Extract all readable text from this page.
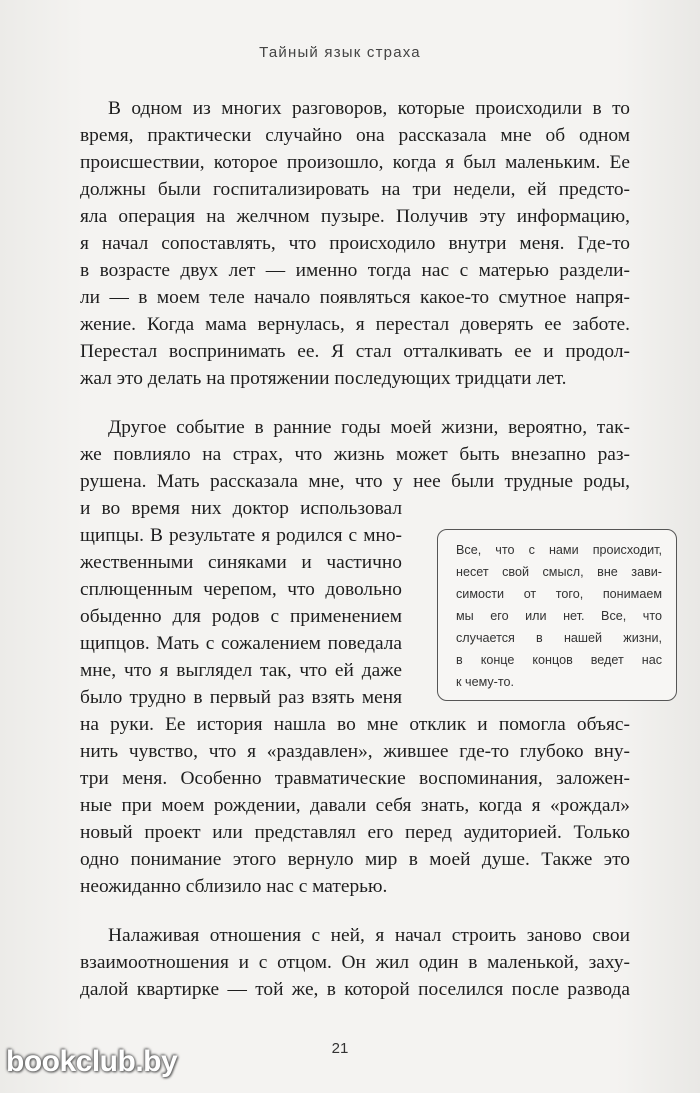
Тайный язык страха
В одном из многих разговоров, которые происходили в то
время, практически случайно она рассказала мне об одном
происшествии, которое произошло, когда я был маленьким. Ее
должны были госпитализировать на три недели, ей предсто-
яла операция на желчном пузыре. Получив эту информацию,
я начал сопоставлять, что происходило внутри меня. Где-то
в возрасте двух лет — именно тогда нас с матерью раздели-
ли — в моем теле начало появляться какое-то смутное напря-
жение. Когда мама вернулась, я перестал доверять ее заботе.
Перестал воспринимать ее. Я стал отталкивать ее и продол-
жал это делать на протяжении последующих тридцати лет.
Другое событие в ранние годы моей жизни, вероятно, так-
же повлияло на страх, что жизнь может быть внезапно раз-
рушена. Мать рассказала мне, что у нее были трудные роды,
и во время них доктор использовал
щипцы. В результате я родился с мно-
жественными синяками и частично
сплющенным черепом, что довольно
обыденно для родов с применением
щипцов. Мать с сожалением поведала
мне, что я выглядел так, что ей даже
было трудно в первый раз взять меня
на руки. Ее история нашла во мне отклик и помогла объяс-
нить чувство, что я «раздавлен», жившее где-то глубоко вну-
три меня. Особенно травматические воспоминания, заложен-
ные при моем рождении, давали себя знать, когда я «рождал»
новый проект или представлял его перед аудиторией. Только
одно понимание этого вернуло мир в моей душе. Также это
неожиданно сблизило нас с матерью.
Налаживая отношения с ней, я начал строить заново свои
взаимоотношения и с отцом. Он жил один в маленькой, заху-
далой квартирке — той же, в которой поселился после развода
Все, что с нами происходит,
несет свой смысл, вне зави-
симости от того, понимаем
мы его или нет. Все, что
случается в нашей жизни,
в конце концов ведет нас
к чему-то.
21
bookclub.by
